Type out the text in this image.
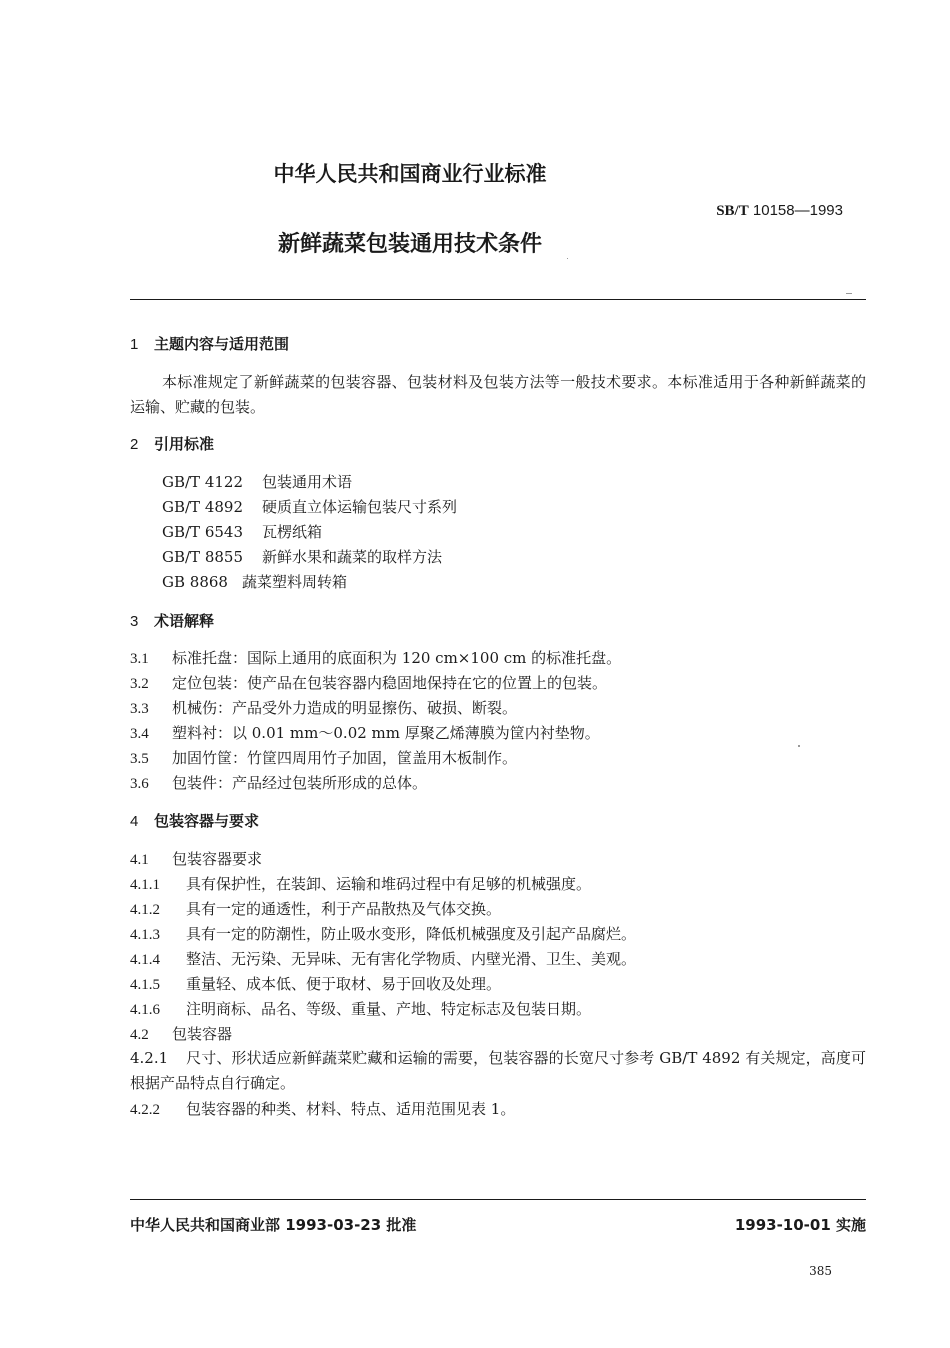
中华人民共和国商业行业标准
SB/T 10158—1993
新鲜蔬菜包装通用技术条件
1 主题内容与适用范围
本标准规定了新鲜蔬菜的包装容器、包装材料及包装方法等一般技术要求。本标准适用于各种新鲜蔬菜的运输、贮藏的包装。
2 引用标准
GB/T 4122 包装通用术语
GB/T 4892 硬质直立体运输包装尺寸系列
GB/T 6543 瓦楞纸箱
GB/T 8855 新鲜水果和蔬菜的取样方法
GB 8868 蔬菜塑料周转箱
3 术语解释
3.1 标准托盘：国际上通用的底面积为 120 cm×100 cm 的标准托盘。
3.2 定位包装：使产品在包装容器内稳固地保持在它的位置上的包装。
3.3 机械伤：产品受外力造成的明显擦伤、破损、断裂。
3.4 塑料衬：以 0.01 mm～0.02 mm 厚聚乙烯薄膜为筐内衬垫物。
3.5 加固竹筐：竹筐四周用竹子加固，筐盖用木板制作。
3.6 包装件：产品经过包装所形成的总体。
4 包装容器与要求
4.1 包装容器要求
4.1.1 具有保护性，在装卸、运输和堆码过程中有足够的机械强度。
4.1.2 具有一定的通透性，利于产品散热及气体交换。
4.1.3 具有一定的防潮性，防止吸水变形，降低机械强度及引起产品腐烂。
4.1.4 整洁、无污染、无异味、无有害化学物质、内壁光滑、卫生、美观。
4.1.5 重量轻、成本低、便于取材、易于回收及处理。
4.1.6 注明商标、品名、等级、重量、产地、特定标志及包装日期。
4.2 包装容器
4.2.1 尺寸、形状适应新鲜蔬菜贮藏和运输的需要，包装容器的长宽尺寸参考 GB/T 4892 有关规定，高度可根据产品特点自行确定。
4.2.2 包装容器的种类、材料、特点、适用范围见表 1。
中华人民共和国商业部 1993-03-23 批准	1993-10-01 实施
385
